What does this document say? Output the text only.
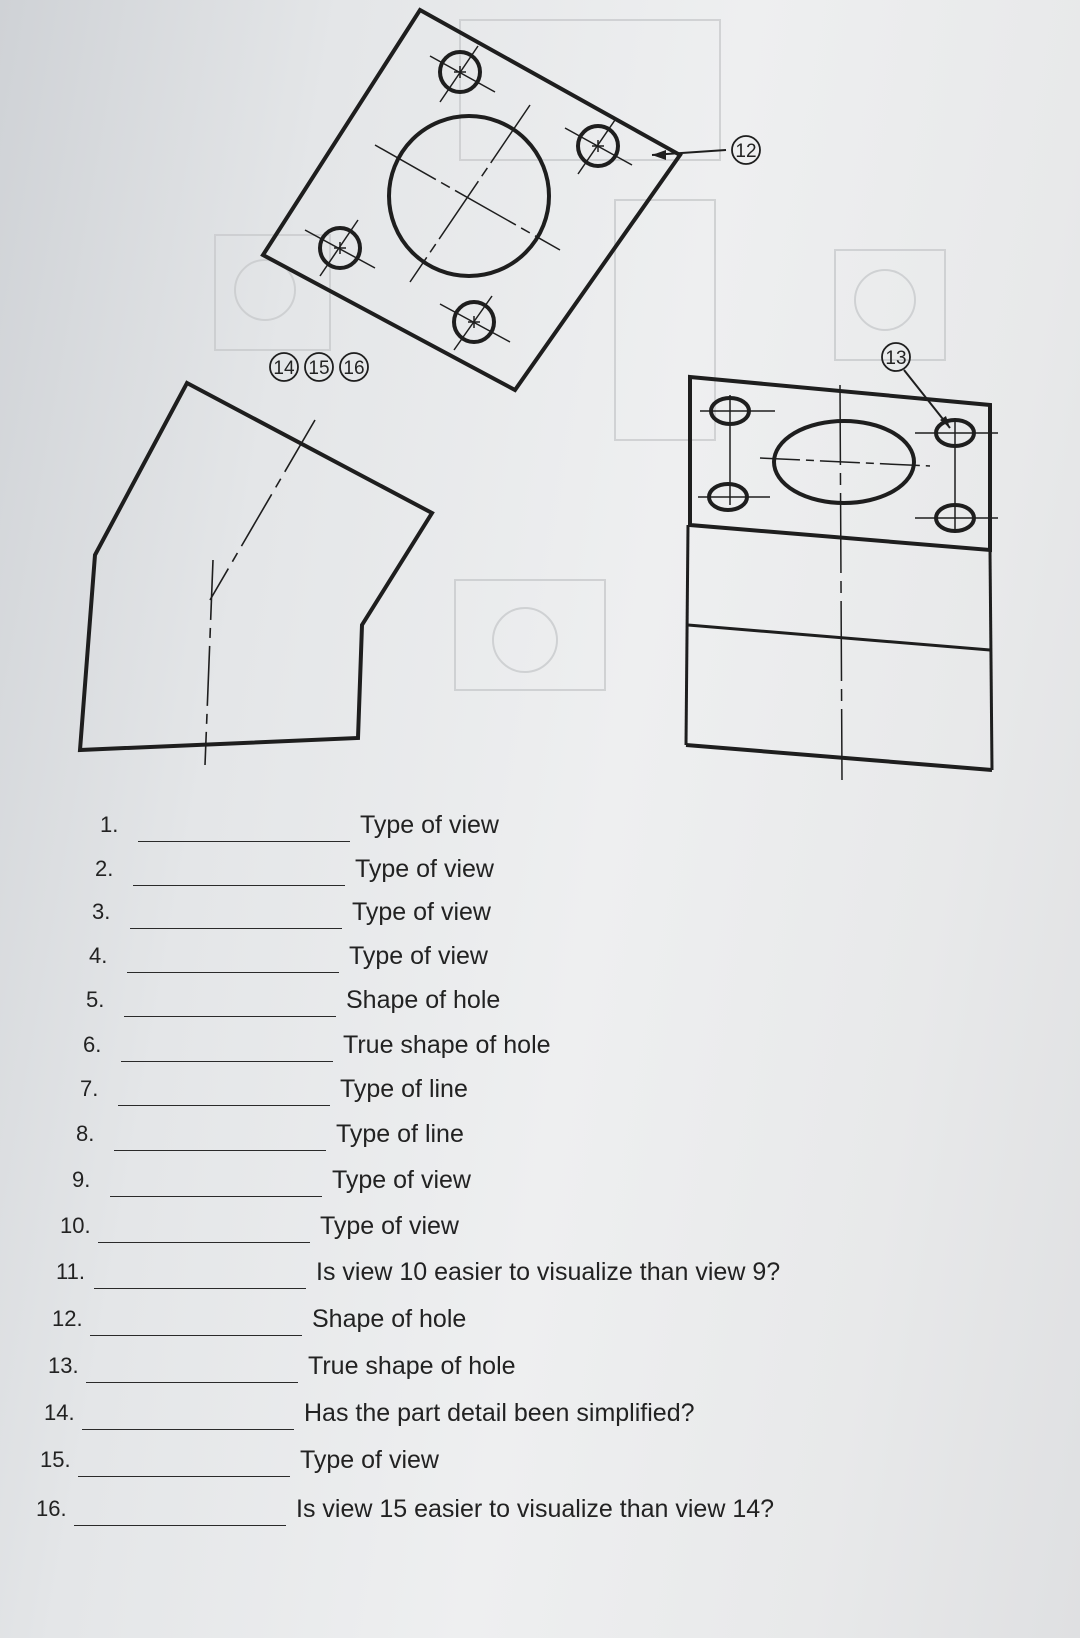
12
14 15 16	13
1.	Type of view
2.	Type of view
3.	Type of view
4.	Type of view
5.	Shape of hole
6.	True shape of hole
7.	Type of line
8.	Type of line
9.	Type of view
10.	Type of view
11.	Is view 10 easier to visualize than view 9?
12.	Shape of hole
13.	True shape of hole
14.	Has the part detail been simplified?
15.	Type of view
16.	Is view 15 easier to visualize than view 14?
